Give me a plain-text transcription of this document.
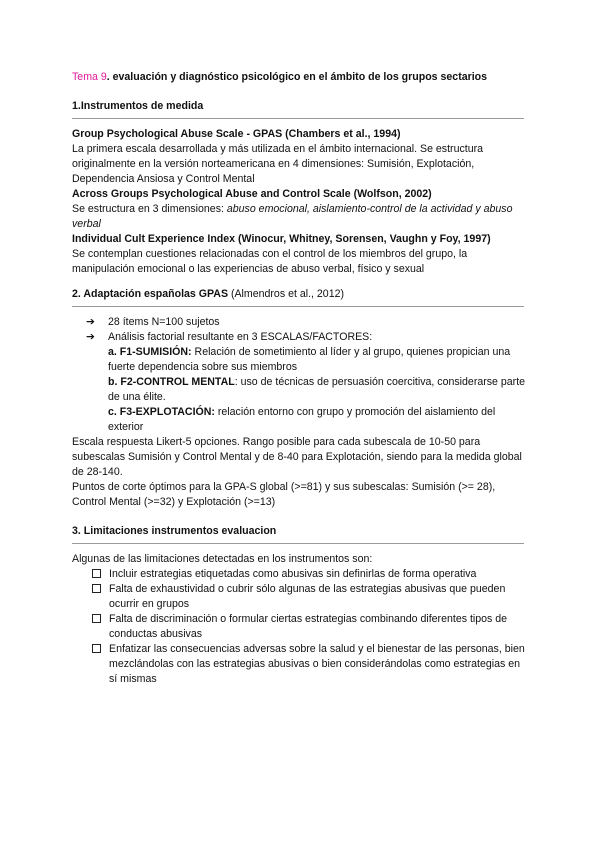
Tema 9. evaluación y diagnóstico psicológico en el ámbito de los grupos sectarios

1.Instrumentos de medida

Group Psychological Abuse Scale - GPAS (Chambers et al., 1994)

La primera escala desarrollada y más utilizada en el ámbito internacional. Se estructura originalmente en la versión norteamericana en 4 dimensiones: Sumisión, Explotación, Dependencia Ansiosa y Control Mental

Across Groups Psychological Abuse and Control Scale (Wolfson, 2002)

Se estructura en 3 dimensiones: abuso emocional, aislamiento-control de la actividad y abuso verbal

Individual Cult Experience Index (Winocur, Whitney, Sorensen, Vaughn y Foy, 1997)

Se contemplan cuestiones relacionadas con el control de los miembros del grupo, la manipulación emocional o las experiencias de abuso verbal, físico y sexual

2. Adaptación españolas GPAS (Almendros et al., 2012)
➔ 28 ítems N=100 sujetos
➔ Análisis factorial resultante en 3 ESCALAS/FACTORES:
a. F1-SUMISIÓN: Relación de sometimiento al líder y al grupo, quienes propician una fuerte dependencia sobre sus miembros
b. F2-CONTROL MENTAL: uso de técnicas de persuasión coercitiva, considerarse parte de una élite.
c. F3-EXPLOTACIÓN: relación entorno con grupo y promoción del aislamiento del exterior

Escala respuesta Likert-5 opciones. Rango posible para cada subescala de 10-50 para subescalas Sumisión y Control Mental y de 8-40 para Explotación, siendo para la medida global de 28-140.

Puntos de corte óptimos para la GPA-S global (>=81) y sus subescalas: Sumisión (>= 28), Control Mental (>=32) y Explotación (>=13)

3. Limitaciones instrumentos evaluacion

Algunas de las limitaciones detectadas en los instrumentos son:

Incluir estrategias etiquetadas como abusivas sin definirlas de forma operativa
Falta de exhaustividad o cubrir sólo algunas de las estrategias abusivas que pueden ocurrir en grupos
Falta de discriminación o formular ciertas estrategias combinando diferentes tipos de conductas abusivas
Enfatizar las consecuencias adversas sobre la salud y el bienestar de las personas, bien mezclándolas con las estrategias abusivas o bien considerándolas como estrategias en sí mismas
